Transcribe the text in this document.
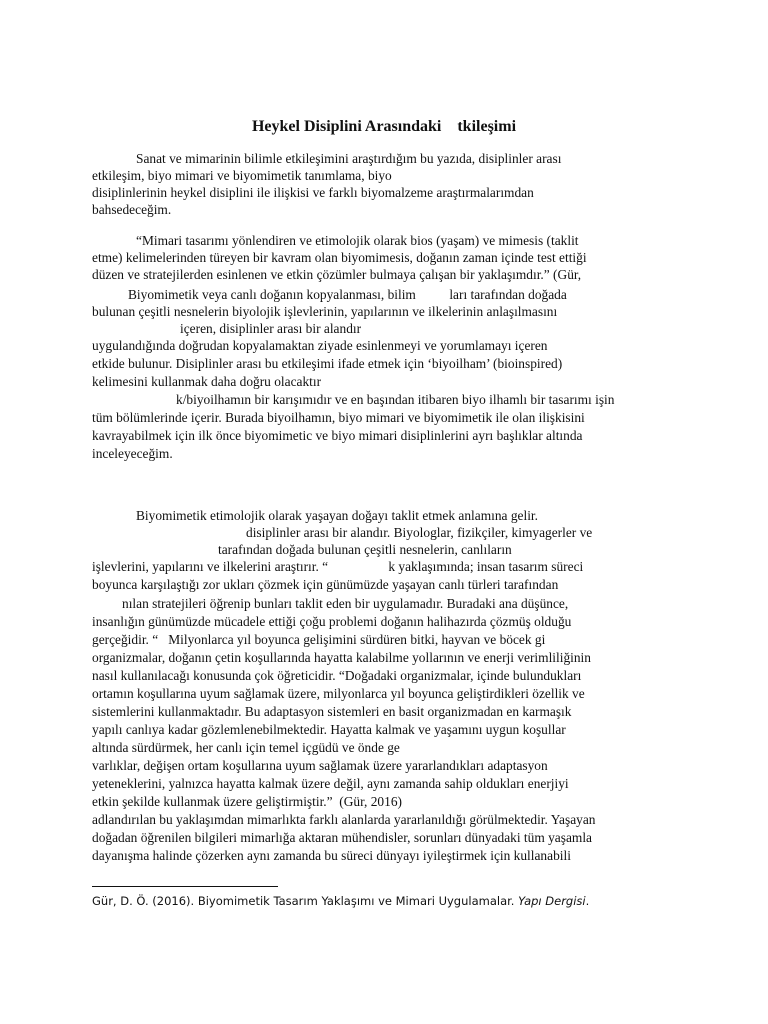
Heykel Disiplini Arasındaki    tkileşimi
Sanat ve mimarinin bilimle etkileşimini araştırdığım bu yazıda, disiplinler arası
etkileşim, biyo mimari ve biyomimetik tanımlama, biyo
disiplinlerinin heykel disiplini ile ilişkisi ve farklı biyomalzeme araştırmalarımdan
bahsedeceğim.
“Mimari tasarımı yönlendiren ve etimolojik olarak bios (yaşam) ve mimesis (taklit
etme) kelimelerinden türeyen bir kavram olan biyomimesis, doğanın zaman içinde test ettiği
düzen ve stratejilerden esinlenen ve etkin çözümler bulmaya çalışan bir yaklaşımdır.” (Gür,
Biyomimetik veya canlı doğanın kopyalanması, bilim          ları tarafından doğada
bulunan çeşitli nesnelerin biyolojik işlevlerinin, yapılarının ve ilkelerinin anlaşılmasını
içeren, disiplinler arası bir alandır
uygulandığında doğrudan kopyalamaktan ziyade esinlenmeyi ve yorumlamayı içeren
etkide bulunur. Disiplinler arası bu etkileşimi ifade etmek için ‘biyoilham’ (bioinspired)
kelimesini kullanmak daha doğru olacaktır
k/biyoilhamın bir karışımıdır ve en başından itibaren biyo ilhamlı bir tasarımı işin
tüm bölümlerinde içerir. Burada biyoilhamın, biyo mimari ve biyomimetik ile olan ilişkisini
kavrayabilmek için ilk önce biyomimetic ve biyo mimari disiplinlerini ayrı başlıklar altında
inceleyeceğim.
Biyomimetik etimolojik olarak yaşayan doğayı taklit etmek anlamına gelir.
disiplinler arası bir alandır. Biyologlar, fizikçiler, kimyagerler ve
tarafından doğada bulunan çeşitli nesnelerin, canlıların
işlevlerini, yapılarını ve ilkelerini araştırır. “                  k yaklaşımında; insan tasarım süreci
boyunca karşılaştığı zor ukları çözmek için günümüzde yaşayan canlı türleri tarafından
nılan stratejileri öğrenip bunları taklit eden bir uygulamadır. Buradaki ana düşünce,
insanlığın günümüzde mücadele ettiği çoğu problemi doğanın halihazırda çözmüş olduğu
gerçeğidir. “   Milyonlarca yıl boyunca gelişimini sürdüren bitki, hayvan ve böcek gi
organizmalar, doğanın çetin koşullarında hayatta kalabilme yollarının ve enerji verimliliğinin
nasıl kullanılacağı konusunda çok öğreticidir. “Doğadaki organizmalar, içinde bulundukları
ortamın koşullarına uyum sağlamak üzere, milyonlarca yıl boyunca geliştirdikleri özellik ve
sistemlerini kullanmaktadır. Bu adaptasyon sistemleri en basit organizmadan en karmaşık
yapılı canlıya kadar gözlemlenebilmektedir. Hayatta kalmak ve yaşamını uygun koşullar
altında sürdürmek, her canlı için temel içgüdü ve önde ge
varlıklar, değişen ortam koşullarına uyum sağlamak üzere yararlandıkları adaptasyon
yeteneklerini, yalnızca hayatta kalmak üzere değil, aynı zamanda sahip oldukları enerjiyi
etkin şekilde kullanmak üzere geliştirmiştir.”  (Gür, 2016)
adlandırılan bu yaklaşımdan mimarlıkta farklı alanlarda yararlanıldığı görülmektedir. Yaşayan
doğadan öğrenilen bilgileri mimarlığa aktaran mühendisler, sorunları dünyadaki tüm yaşamla
dayanışma halinde çözerken aynı zamanda bu süreci dünyayı iyileştirmek için kullanabili
Gür, D. Ö. (2016). Biyomimetik Tasarım Yaklaşımı ve Mimari Uygulamalar. Yapı Dergisi.
